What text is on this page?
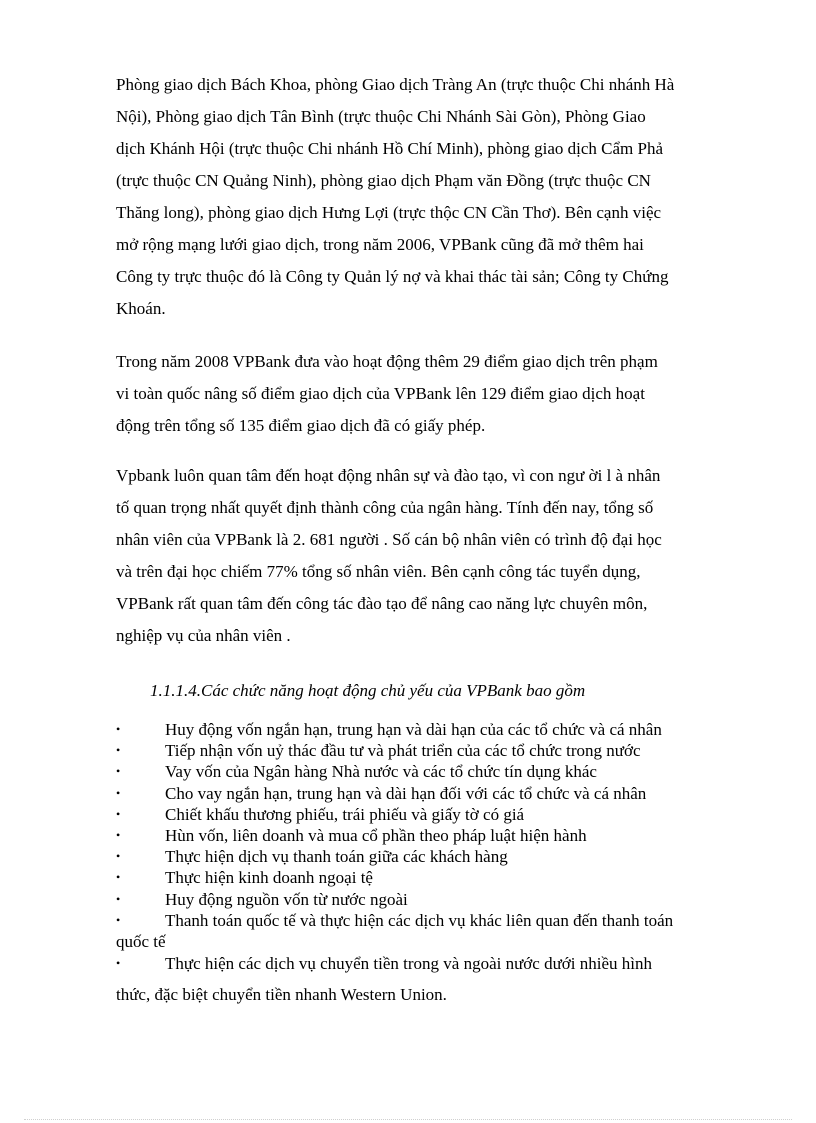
Phòng giao dịch Bách Khoa, phòng Giao dịch Tràng An (trực thuộc Chi nhánh Hà
Nội), Phòng giao dịch Tân Bình (trực thuộc Chi Nhánh Sài Gòn), Phòng Giao
dịch Khánh Hội (trực thuộc Chi nhánh Hồ Chí Minh), phòng giao dịch Cẩm Phả
(trực thuộc CN Quảng Ninh), phòng giao dịch Phạm văn Đồng (trực thuộc CN
Thăng long), phòng giao dịch Hưng Lợi (trực thộc CN Cần Thơ). Bên cạnh việc
mở rộng mạng lưới giao dịch, trong năm 2006, VPBank cũng đã mở thêm hai
Công ty trực thuộc đó là Công ty Quản lý nợ và khai thác tài sản; Công ty Chứng
Khoán.

Trong năm 2008 VPBank đưa vào hoạt động thêm 29 điểm giao dịch trên phạm
vi toàn quốc nâng số điểm giao dịch của VPBank lên 129 điểm giao dịch hoạt
động trên tổng số 135 điểm giao dịch đã có giấy phép.

Vpbank luôn quan tâm đến hoạt động nhân sự và đào tạo, vì con ngư ời l à nhân
tố quan trọng nhất quyết định thành công của ngân hàng. Tính đến nay, tổng số
nhân viên của VPBank là 2. 681 người . Số cán bộ nhân viên có trình độ đại học
và trên đại học chiếm 77% tổng số nhân viên. Bên cạnh công tác tuyển dụng,
VPBank rất quan tâm đến công tác đào tạo để nâng cao năng lực chuyên môn,
nghiệp vụ của nhân viên .

1.1.1.4.Các chức năng hoạt động chủ yếu của VPBank bao gồm

•	Huy động vốn ngắn hạn, trung hạn và dài hạn của các tổ chức và cá nhân
•	Tiếp nhận vốn uỷ thác đầu tư và phát triển của các tổ chức trong nước
•	Vay vốn của Ngân hàng Nhà nước và các tổ chức tín dụng khác
•	Cho vay ngắn hạn, trung hạn và dài hạn đối với các tổ chức và cá nhân
•	Chiết khấu thương phiếu, trái phiếu và giấy tờ có giá
•	Hùn vốn, liên doanh và mua cổ phần theo pháp luật hiện hành
•	Thực hiện dịch vụ thanh toán giữa các khách hàng
•	Thực hiện kinh doanh ngoại tệ
•	Huy động nguồn vốn từ nước ngoài
•	Thanh toán quốc tế và thực hiện các dịch vụ khác liên quan đến thanh toán
quốc tế
•	Thực hiện các dịch vụ chuyển tiền trong và ngoài nước dưới nhiều hình
thức, đặc biệt chuyển tiền nhanh Western Union.
